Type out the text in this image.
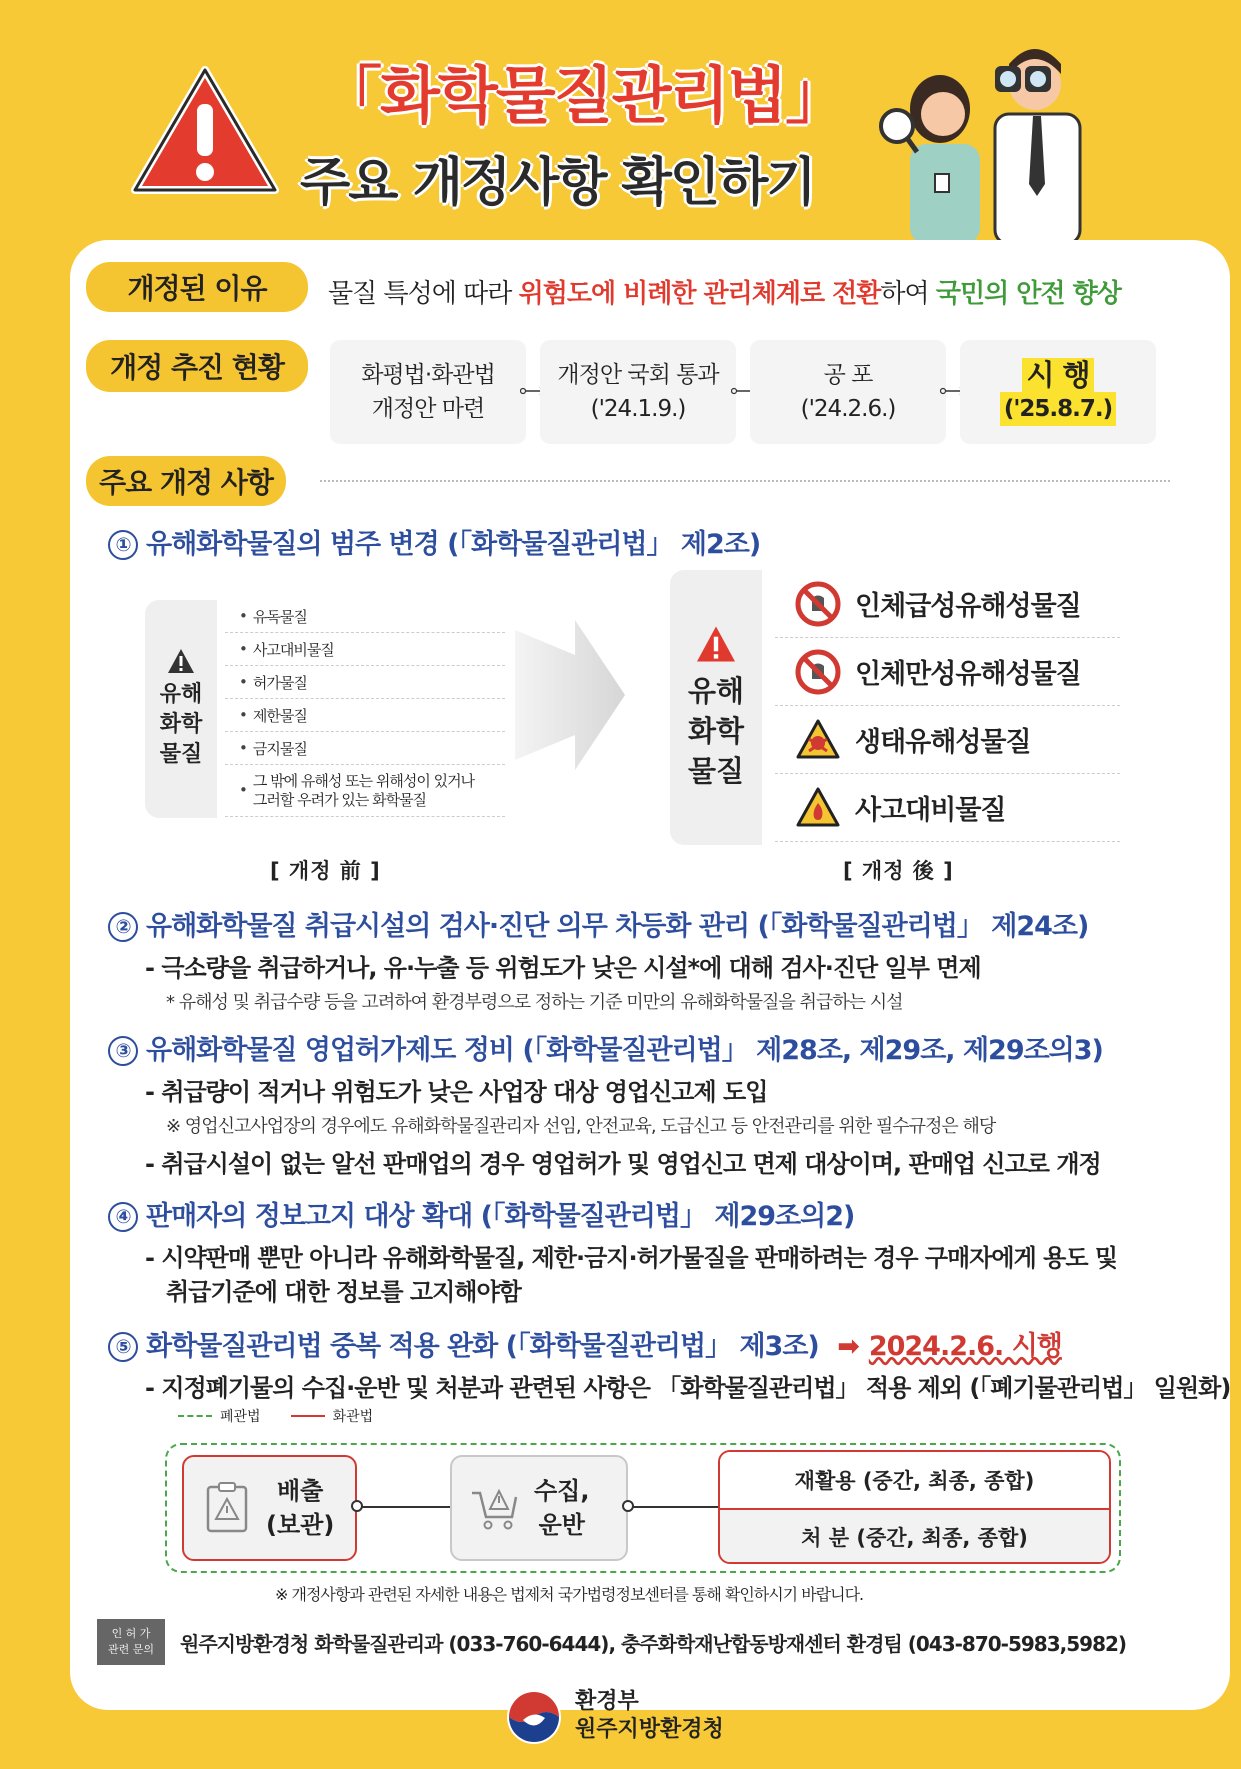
「화학물질관리법」
주요 개정사항 확인하기
개정된 이유	물질 특성에 따라 위험도에 비례한 관리체계로 전환하여 국민의 안전 향상
개정 추진 현황	화평법·화관법
개정안 마련
개정안 국회 통과
('24.1.9.)
공 포
('24.2.6.)
시 행
('25.8.7.)
주요 개정 사항
① 유해화학물질의 범주 변경 (「화학물질관리법」 제2조)
유해
화학
물질
• 유독물질
• 사고대비물질
• 허가물질
• 제한물질
• 금지물질
• 그 밖에 유해성 또는 위해성이 있거나
그러할 우려가 있는 화학물질
유해
화학
물질
인체급성유해성물질
인체만성유해성물질
생태유해성물질
사고대비물질
[ 개정 前 ]	[ 개정 後 ]
② 유해화학물질 취급시설의 검사·진단 의무 차등화 관리 (「화학물질관리법」 제24조)
- 극소량을 취급하거나, 유·누출 등 위험도가 낮은 시설*에 대해 검사·진단 일부 면제
* 유해성 및 취급수량 등을 고려하여 환경부령으로 정하는 기준 미만의 유해화학물질을 취급하는 시설
③ 유해화학물질 영업허가제도 정비 (「화학물질관리법」 제28조, 제29조, 제29조의3)
- 취급량이 적거나 위험도가 낮은 사업장 대상 영업신고제 도입
※ 영업신고사업장의 경우에도 유해화학물질관리자 선임, 안전교육, 도급신고 등 안전관리를 위한 필수규정은 해당
- 취급시설이 없는 알선 판매업의 경우 영업허가 및 영업신고 면제 대상이며, 판매업 신고로 개정
④ 판매자의 정보고지 대상 확대 (「화학물질관리법」 제29조의2)
- 시약판매 뿐만 아니라 유해화학물질, 제한·금지·허가물질을 판매하려는 경우 구매자에게 용도 및
취급기준에 대한 정보를 고지해야함
⑤ 화학물질관리법 중복 적용 완화 (「화학물질관리법」 제3조) ➡ 2024.2.6. 시행
- 지정폐기물의 수집·운반 및 처분과 관련된 사항은 「화학물질관리법」 적용 제외 (「폐기물관리법」 일원화)
폐관법	화관법
배출
(보관)
수집,
운반
재활용 (중간, 최종, 종합)
처 분 (중간, 최종, 종합)
※ 개정사항과 관련된 자세한 내용은 법제처 국가법령정보센터를 통해 확인하시기 바랍니다.
인 허 가
관련 문의	원주지방환경청 화학물질관리과 (033-760-6444), 충주화학재난합동방재센터 환경팀 (043-870-5983,5982)
환경부
원주지방환경청
